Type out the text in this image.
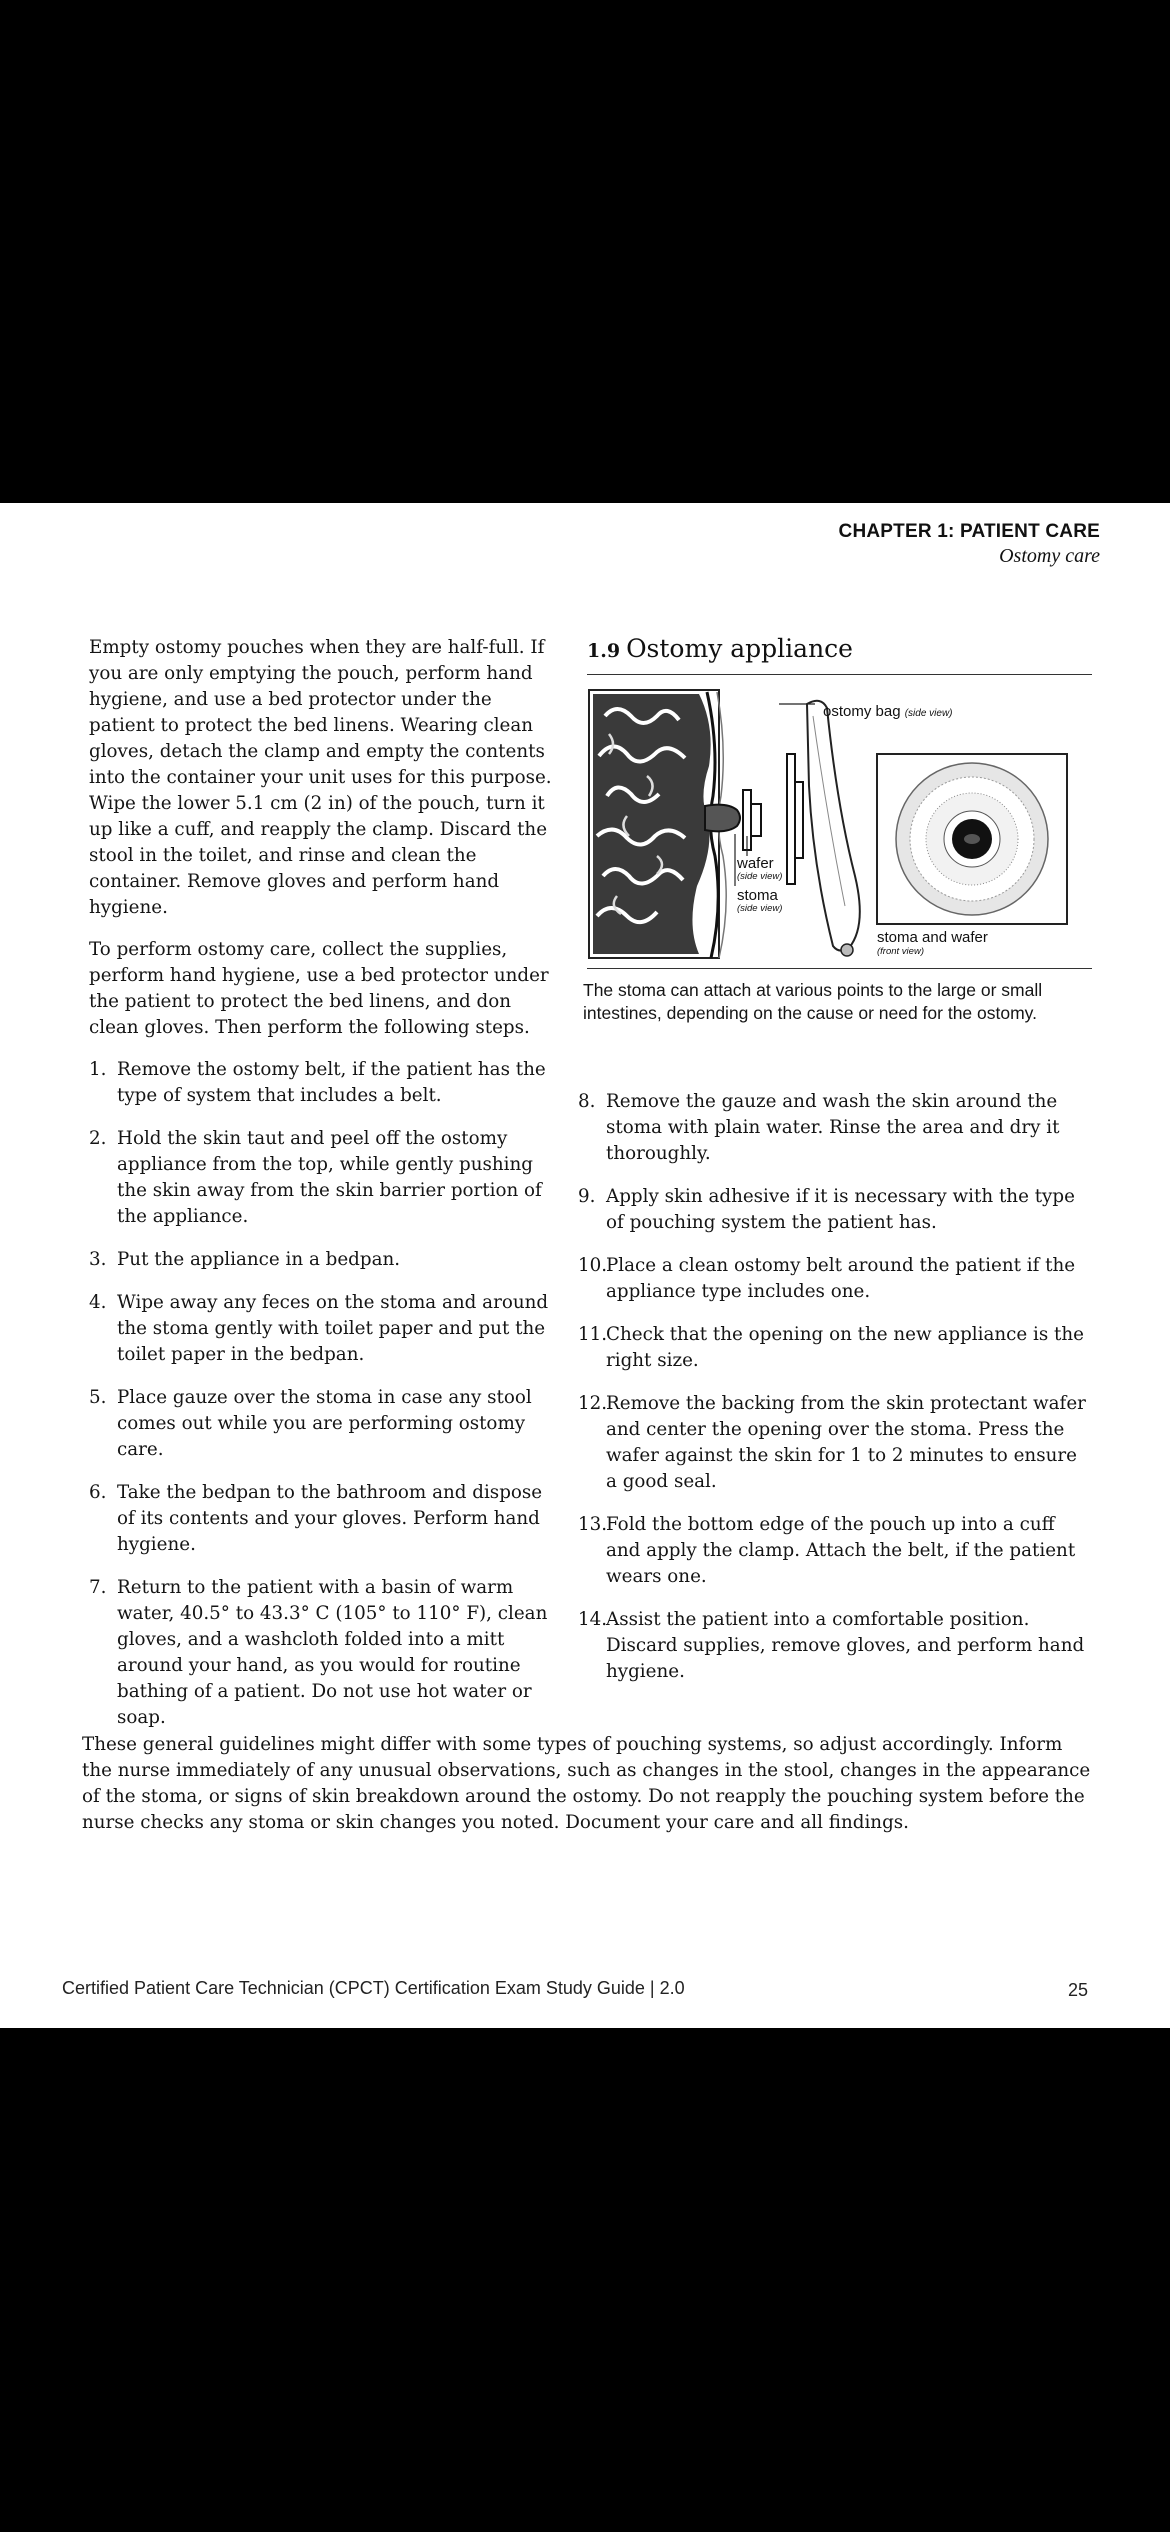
CHAPTER 1: PATIENT CARE
Ostomy care

Empty ostomy pouches when they are half-full. If you are only emptying the pouch, perform hand hygiene, and use a bed protector under the patient to protect the bed linens. Wearing clean gloves, detach the clamp and empty the contents into the container your unit uses for this purpose. Wipe the lower 5.1 cm (2 in) of the pouch, turn it up like a cuff, and reapply the clamp. Discard the stool in the toilet, and rinse and clean the container. Remove gloves and perform hand hygiene.

To perform ostomy care, collect the supplies, perform hand hygiene, use a bed protector under the patient to protect the bed linens, and don clean gloves. Then perform the following steps.

1. Remove the ostomy belt, if the patient has the type of system that includes a belt.
2. Hold the skin taut and peel off the ostomy appliance from the top, while gently pushing the skin away from the skin barrier portion of the appliance.
3. Put the appliance in a bedpan.
4. Wipe away any feces on the stoma and around the stoma gently with toilet paper and put the toilet paper in the bedpan.
5. Place gauze over the stoma in case any stool comes out while you are performing ostomy care.
6. Take the bedpan to the bathroom and dispose of its contents and your gloves. Perform hand hygiene.
7. Return to the patient with a basin of warm water, 40.5° to 43.3° C (105° to 110° F), clean gloves, and a washcloth folded into a mitt around your hand, as you would for routine bathing of a patient. Do not use hot water or soap.
1.9 Ostomy appliance
ostomy bag (side view)
wafer
(side view)
stoma
(side view)
stoma and wafer
(front view)
The stoma can attach at various points to the large or small intestines, depending on the cause or need for the ostomy.
8. Remove the gauze and wash the skin around the stoma with plain water. Rinse the area and dry it thoroughly.
9. Apply skin adhesive if it is necessary with the type of pouching system the patient has.
10.
Place a clean ostomy belt around the patient if the appliance type includes one.
11.
Check that the opening on the new appliance is the right size.
12.
Remove the backing from the skin protectant wafer and center the opening over the stoma. Press the wafer against the skin for 1 to 2 minutes to ensure a good seal.
13.
Fold the bottom edge of the pouch up into a cuff and apply the clamp. Attach the belt, if the patient wears one.
14.
Assist the patient into a comfortable position. Discard supplies, remove gloves, and perform hand hygiene.
These general guidelines might differ with some types of pouching systems, so adjust accordingly. Inform the nurse immediately of any unusual observations, such as changes in the stool, changes in the appearance of the stoma, or signs of skin breakdown around the ostomy. Do not reapply the pouching system before the nurse checks any stoma or skin changes you noted. Document your care and all findings.
Certified Patient Care Technician (CPCT) Certification Exam Study Guide | 2.0	25
